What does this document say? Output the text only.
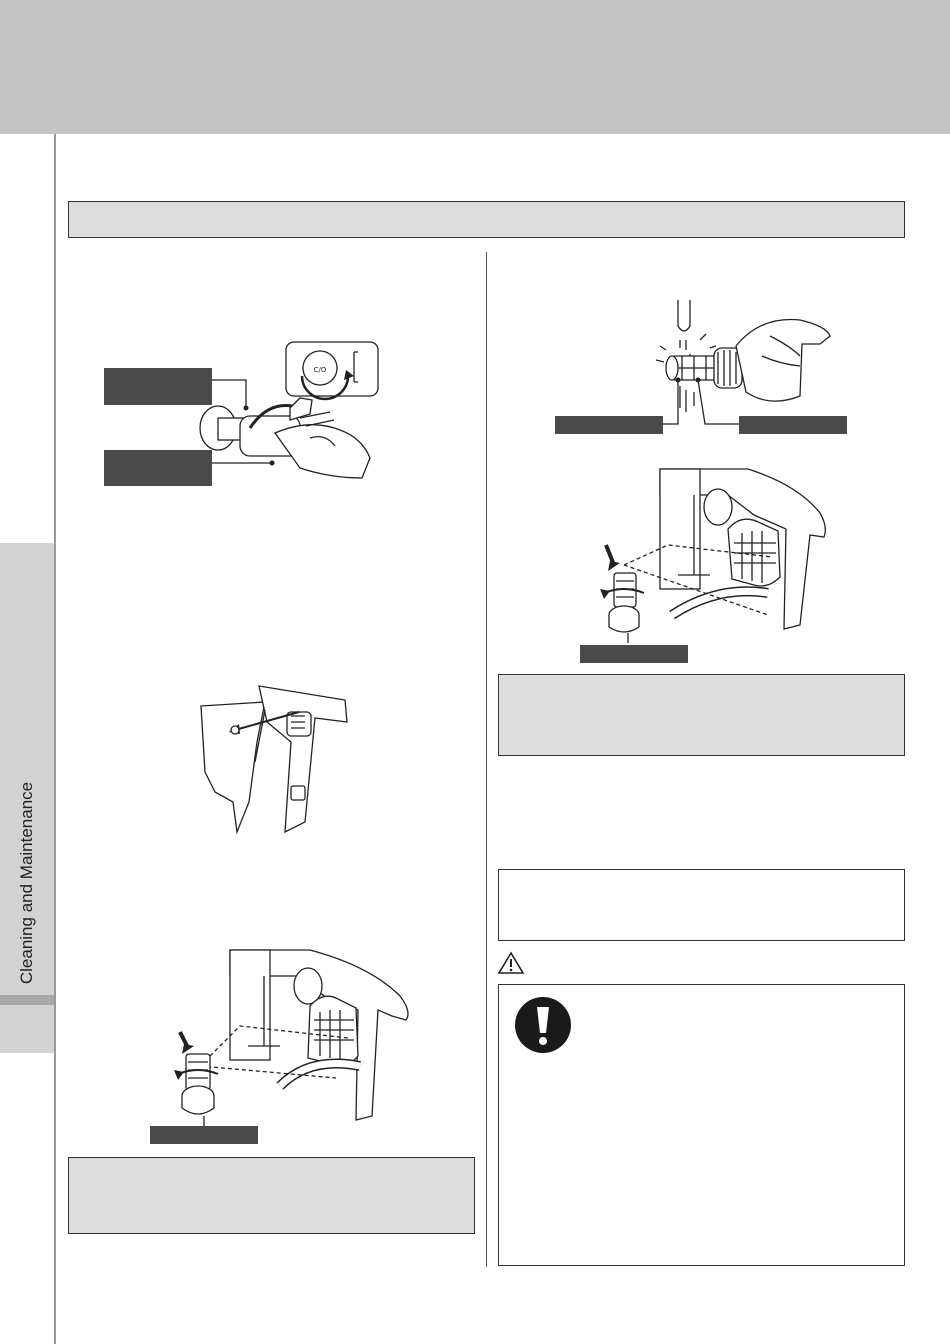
Cleaning and Maintenance
C/O
